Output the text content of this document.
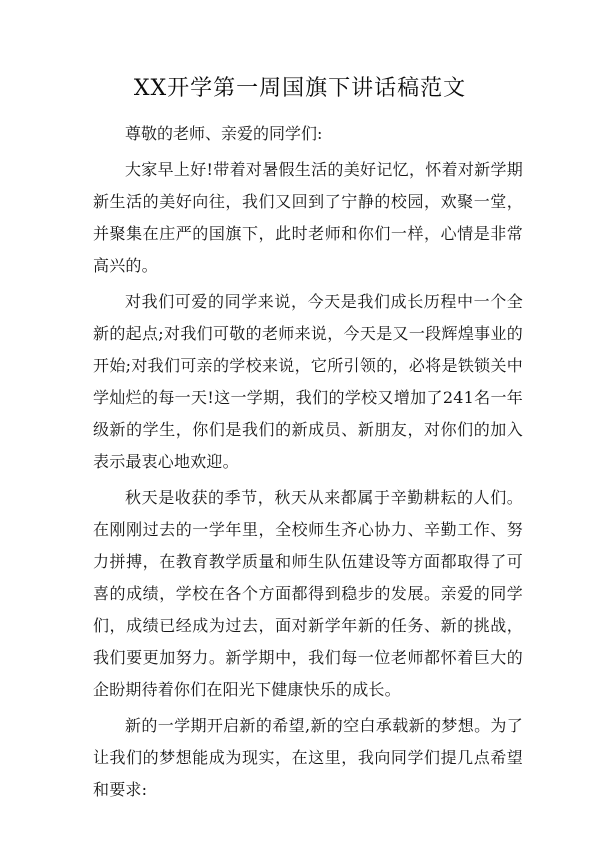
XX开学第一周国旗下讲话稿范文

尊敬的老师、亲爱的同学们:

大家早上好!带着对暑假生活的美好记忆，怀着对新学期新生活的美好向往，我们又回到了宁静的校园，欢聚一堂，并聚集在庄严的国旗下，此时老师和你们一样，心情是非常高兴的。

对我们可爱的同学来说，今天是我们成长历程中一个全新的起点;对我们可敬的老师来说，今天是又一段辉煌事业的开始;对我们可亲的学校来说，它所引领的，必将是铁锁关中学灿烂的每一天!这一学期，我们的学校又增加了241名一年级新的学生，你们是我们的新成员、新朋友，对你们的加入表示最衷心地欢迎。

秋天是收获的季节，秋天从来都属于辛勤耕耘的人们。在刚刚过去的一学年里，全校师生齐心协力、辛勤工作、努力拼搏，在教育教学质量和师生队伍建设等方面都取得了可喜的成绩，学校在各个方面都得到稳步的发展。亲爱的同学们，成绩已经成为过去，面对新学年新的任务、新的挑战，我们要更加努力。新学期中，我们每一位老师都怀着巨大的企盼期待着你们在阳光下健康快乐的成长。

新的一学期开启新的希望,新的空白承载新的梦想。为了让我们的梦想能成为现实，在这里，我向同学们提几点希望和要求:
